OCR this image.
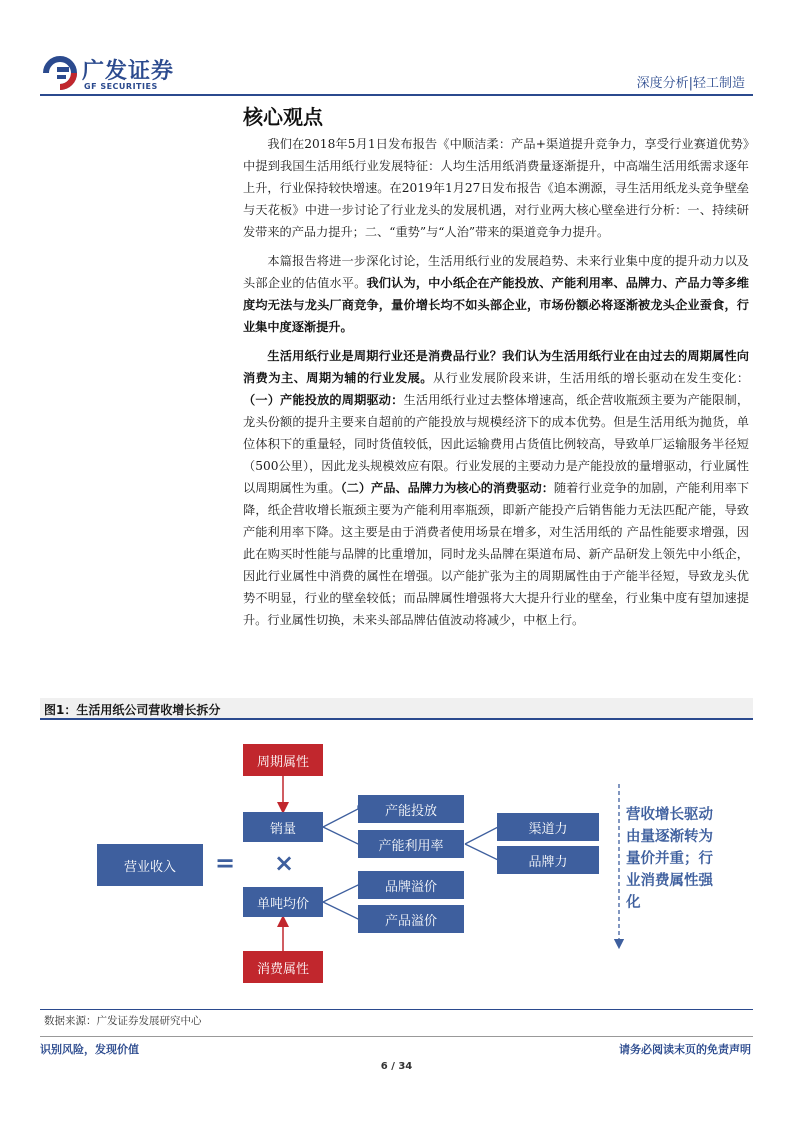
广发证券
GF SECURITIES	深度分析|轻工制造
核心观点

我们在2018年5月1日发布报告《中顺洁柔：产品+渠道提升竞争力，享受行业赛道优势》中提到我国生活用纸行业发展特征：人均生活用纸消费量逐渐提升，中高端生活用纸需求逐年上升，行业保持较快增速。在2019年1月27日发布报告《追本溯源，寻生活用纸龙头竞争壁垒与天花板》中进一步讨论了行业龙头的发展机遇，对行业两大核心壁垒进行分析：一、持续研发带来的产品力提升；二、“重势”与“人治”带来的渠道竞争力提升。

本篇报告将进一步深化讨论，生活用纸行业的发展趋势、未来行业集中度的提升动力以及头部企业的估值水平。我们认为，中小纸企在产能投放、产能利用率、品牌力、产品力等多维度均无法与龙头厂商竞争，量价增长均不如头部企业，市场份额必将逐渐被龙头企业蚕食，行业集中度逐渐提升。

生活用纸行业是周期行业还是消费品行业？我们认为生活用纸行业在由过去的周期属性向消费为主、周期为辅的行业发展。从行业发展阶段来讲，生活用纸的增长驱动在发生变化：（一）产能投放的周期驱动：生活用纸行业过去整体增速高，纸企营收瓶颈主要为产能限制，龙头份额的提升主要来自超前的产能投放与规模经济下的成本优势。但是生活用纸为抛货，单位体积下的重量轻，同时货值较低，因此运输费用占货值比例较高，导致单厂运输服务半径短（500公里），因此龙头规模效应有限。行业发展的主要动力是产能投放的量增驱动，行业属性以周期属性为重。（二）产品、品牌力为核心的消费驱动：随着行业竞争的加剧，产能利用率下降，纸企营收增长瓶颈主要为产能利用率瓶颈，即新产能投产后销售能力无法匹配产能，导致产能利用率下降。这主要是由于消费者使用场景在增多，对生活用纸的 产品性能要求增强，因此在购买时性能与品牌的比重增加，同时龙头品牌在渠道布局、新产品研发上领先中小纸企，因此行业属性中消费的属性在增强。以产能扩张为主的周期属性由于产能半径短，导致龙头优势不明显，行业的壁垒较低；而品牌属性增强将大大提升行业的壁垒，行业集中度有望加速提升。行业属性切换，未来头部品牌估值波动将减少，中枢上行。

图1：生活用纸公司营收增长拆分
周期属性
销量
营业收入	= ×
单吨均价
消费属性
产能投放
产能利用率
渠道力
品牌力
品牌溢价
产品溢价
营收增长驱动由量逐渐转为量价并重；行业消费属性强化
数据来源：广发证券发展研究中心
识别风险，发现价值	请务必阅读末页的免责声明
6 / 34
